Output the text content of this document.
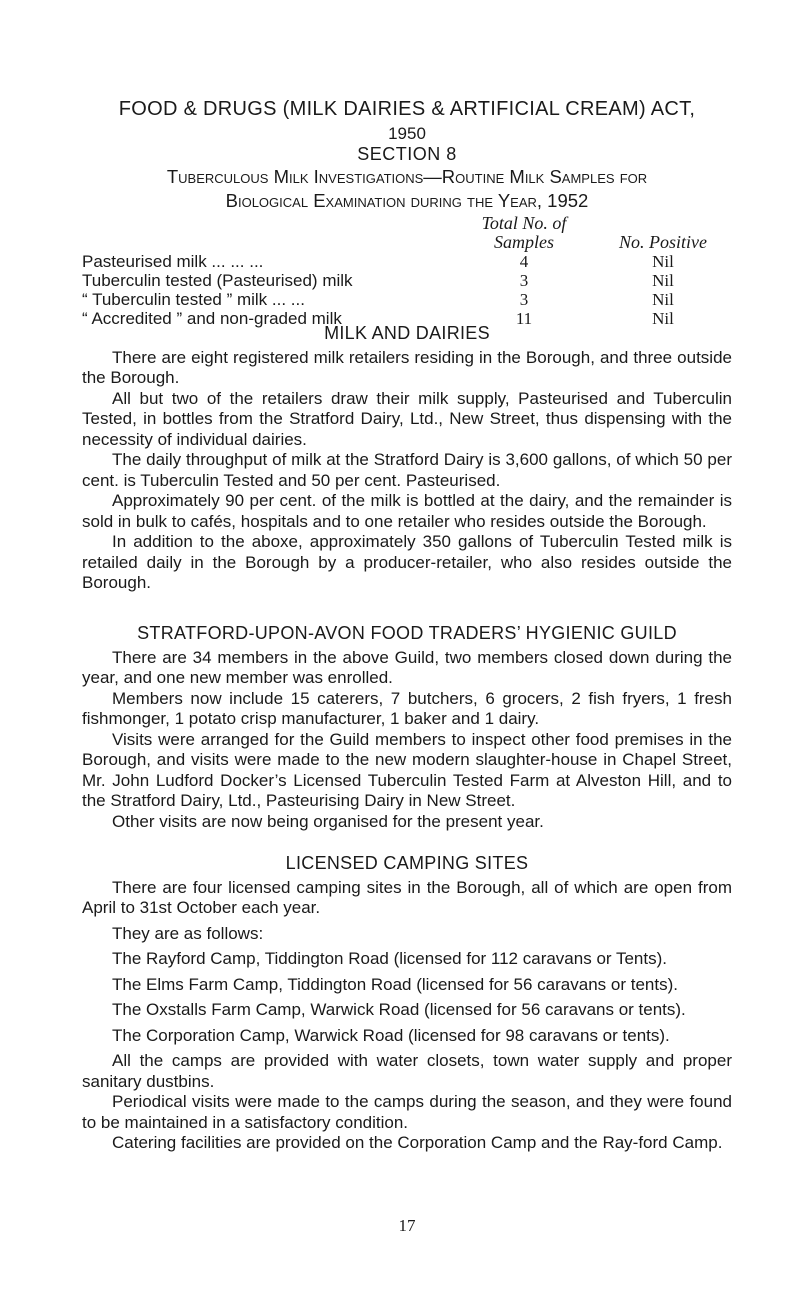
FOOD & DRUGS (MILK DAIRIES & ARTIFICIAL CREAM) ACT,
1950
SECTION 8
Tuberculous Milk Investigations—Routine Milk Samples for
Biological Examination during the Year, 1952

	Total No. of
Samples	No. Positive
Pasteurised milk ... ... ...	4	Nil
Tuberculin tested (Pasteurised) milk	3	Nil
“ Tuberculin tested ” milk ... ...	3	Nil
“ Accredited ” and non-graded milk	11	Nil
MILK AND DAIRIES

There are eight registered milk retailers residing in the Borough, and three outside the Borough.

All but two of the retailers draw their milk supply, Pasteurised and Tuberculin Tested, in bottles from the Stratford Dairy, Ltd., New Street, thus dispensing with the necessity of individual dairies.

The daily throughput of milk at the Stratford Dairy is 3,600 gallons, of which 50 per cent. is Tuberculin Tested and 50 per cent. Pasteurised.

Approximately 90 per cent. of the milk is bottled at the dairy, and the remainder is sold in bulk to cafés, hospitals and to one retailer who resides outside the Borough.

In addition to the aboxe, approximately 350 gallons of Tuberculin Tested milk is retailed daily in the Borough by a producer-retailer, who also resides outside the Borough.

STRATFORD-UPON-AVON FOOD TRADERS’ HYGIENIC GUILD

There are 34 members in the above Guild, two members closed down during the year, and one new member was enrolled.

Members now include 15 caterers, 7 butchers, 6 grocers, 2 fish fryers, 1 fresh fishmonger, 1 potato crisp manufacturer, 1 baker and 1 dairy.

Visits were arranged for the Guild members to inspect other food premises in the Borough, and visits were made to the new modern slaughter-house in Chapel Street, Mr. John Ludford Docker’s Licensed Tuberculin Tested Farm at Alveston Hill, and to the Stratford Dairy, Ltd., Pasteurising Dairy in New Street.

Other visits are now being organised for the present year.

LICENSED CAMPING SITES

There are four licensed camping sites in the Borough, all of which are open from April to 31st October each year.

They are as follows:

The Rayford Camp, Tiddington Road (licensed for 112 caravans or Tents).

The Elms Farm Camp, Tiddington Road (licensed for 56 caravans or tents).

The Oxstalls Farm Camp, Warwick Road (licensed for 56 caravans or tents).

The Corporation Camp, Warwick Road (licensed for 98 caravans or tents).

All the camps are provided with water closets, town water supply and proper sanitary dustbins.

Periodical visits were made to the camps during the season, and they were found to be maintained in a satisfactory condition.

Catering facilities are provided on the Corporation Camp and the Ray-ford Camp.

17
